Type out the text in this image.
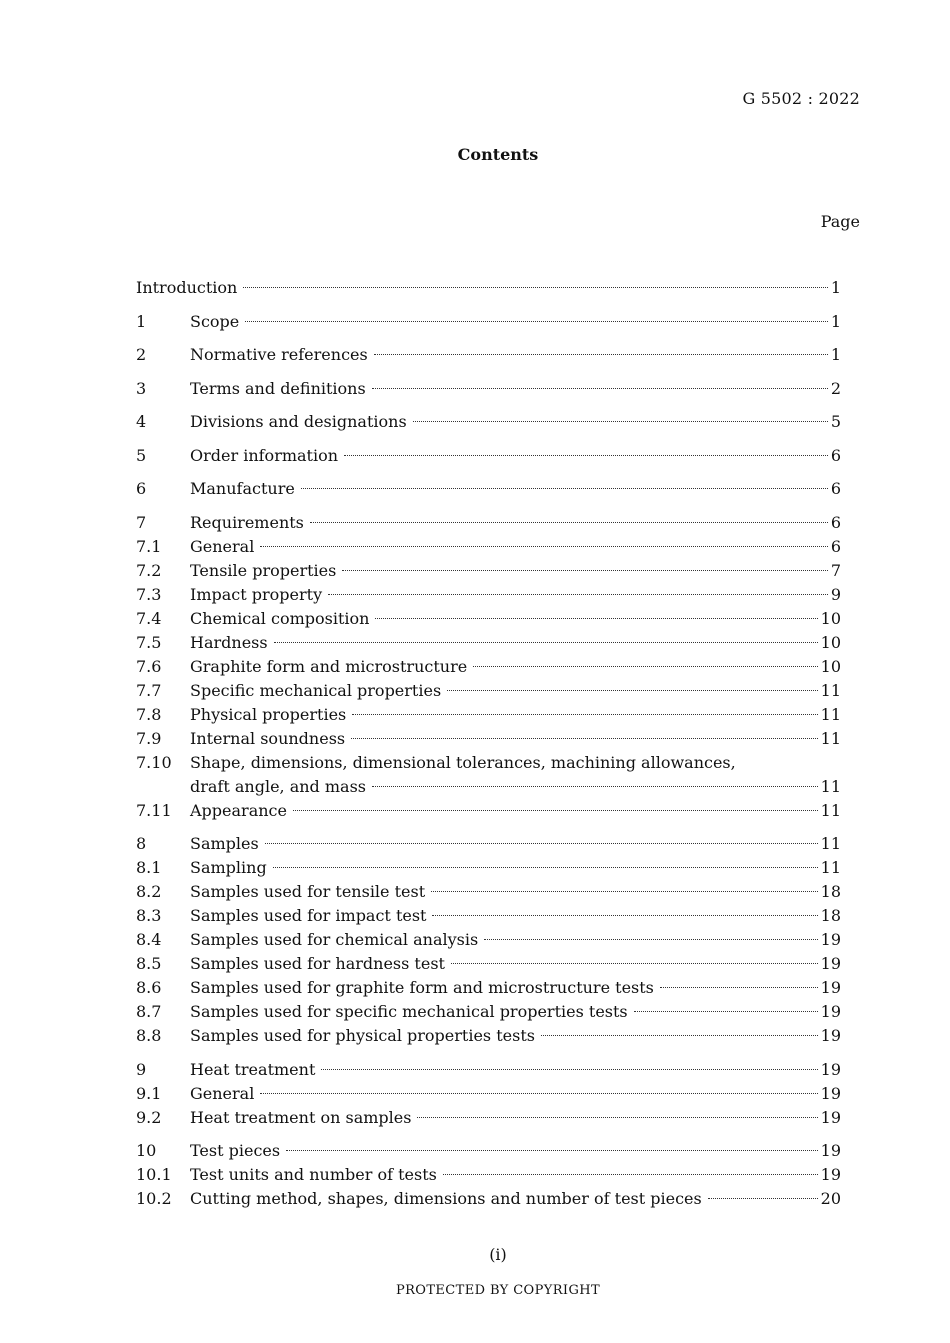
G 5502 : 2022
Contents
Page
Introduction	1
1	Scope	1
2	Normative references	1
3	Terms and definitions	2
4	Divisions and designations	5
5	Order information	6
6	Manufacture	6
7	Requirements	6
7.1	General	6
7.2	Tensile properties	7
7.3	Impact property	9
7.4	Chemical composition	10
7.5	Hardness	10
7.6	Graphite form and microstructure	10
7.7	Specific mechanical properties	11
7.8	Physical properties	11
7.9	Internal soundness	11
7.10	Shape, dimensions, dimensional tolerances, machining allowances,
draft angle, and mass	11
7.11	Appearance	11
8	Samples	11
8.1	Sampling	11
8.2	Samples used for tensile test	18
8.3	Samples used for impact test	18
8.4	Samples used for chemical analysis	19
8.5	Samples used for hardness test	19
8.6	Samples used for graphite form and microstructure tests	19
8.7	Samples used for specific mechanical properties tests	19
8.8	Samples used for physical properties tests	19
9	Heat treatment	19
9.1	General	19
9.2	Heat treatment on samples	19
10	Test pieces	19
10.1	Test units and number of tests	19
10.2	Cutting method, shapes, dimensions and number of test pieces	20
(i)
PROTECTED BY COPYRIGHT
